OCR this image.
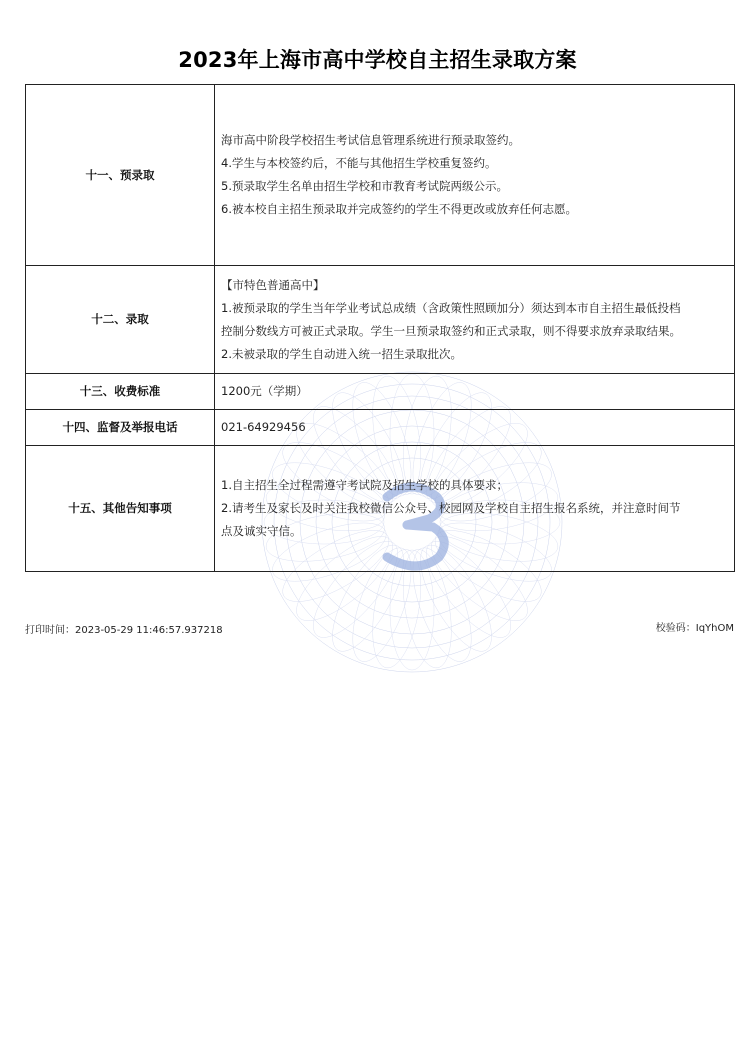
2023年上海市高中学校自主招生录取方案
十一、预录取	海市高中阶段学校招生考试信息管理系统进行预录取签约。
4.学生与本校签约后，不能与其他招生学校重复签约。
5.预录取学生名单由招生学校和市教育考试院两级公示。
6.被本校自主招生预录取并完成签约的学生不得更改或放弃任何志愿。

十二、录取	【市特色普通高中】
1.被预录取的学生当年学业考试总成绩（含政策性照顾加分）须达到本市自主招生最低投档
控制分数线方可被正式录取。学生一旦预录取签约和正式录取，则不得要求放弃录取结果。
2.未被录取的学生自动进入统一招生录取批次。

十三、收费标准	1200元（学期）

十四、监督及举报电话	021-64929456

十五、其他告知事项	1.自主招生全过程需遵守考试院及招生学校的具体要求；
2.请考生及家长及时关注我校微信公众号、校园网及学校自主招生报名系统，并注意时间节
点及诚实守信。
打印时间：2023-05-29 11:46:57.937218	校验码：IqYhOM
